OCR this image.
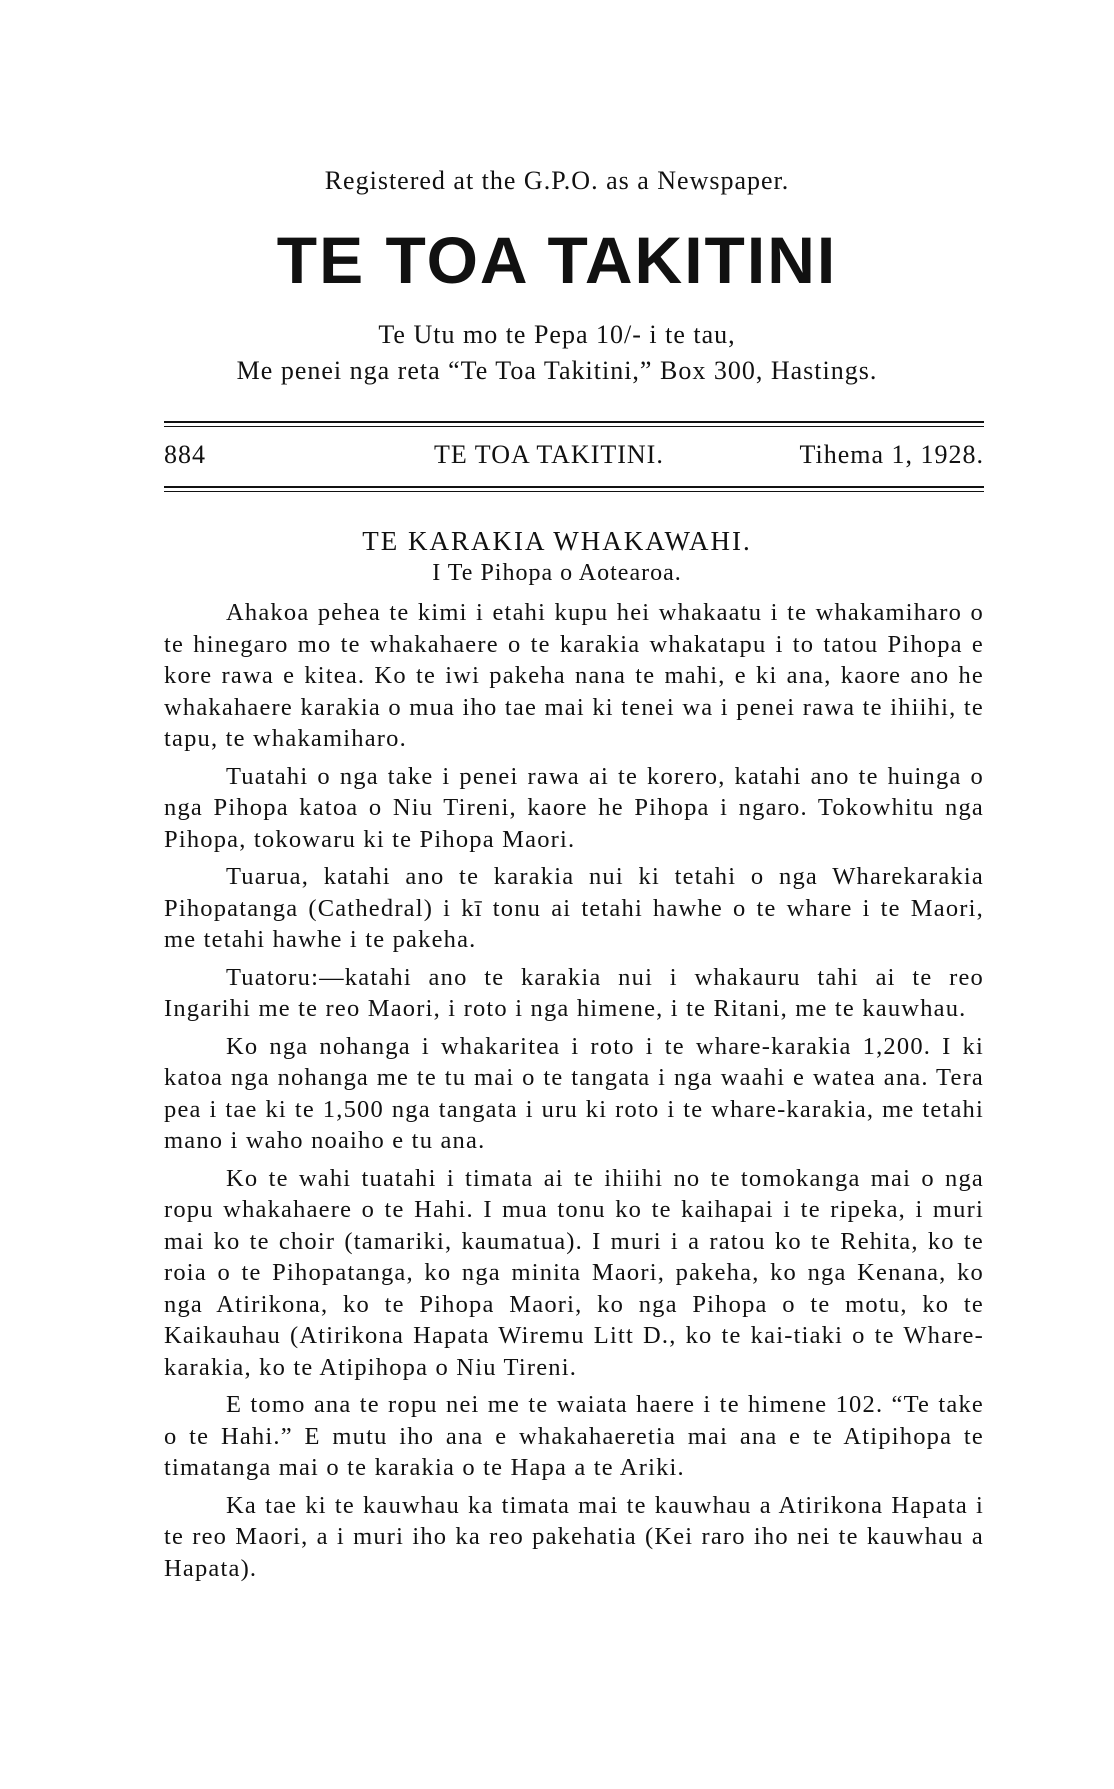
Registered at the G.P.O. as a Newspaper.
TE TOA TAKITINI
Te Utu mo te Pepa 10/- i te tau,
Me penei nga reta “Te Toa Takitini,” Box 300, Hastings.
884	TE TOA TAKITINI.	Tihema 1, 1928.
TE KARAKIA WHAKAWAHI.
I Te Pihopa o Aotearoa.

Ahakoa pehea te kimi i etahi kupu hei whakaatu i te whakamiharo o te hinegaro mo te whakahaere o te karakia whakatapu i to tatou Pihopa e kore rawa e kitea. Ko te iwi pakeha nana te mahi, e ki ana, kaore ano he whakahaere karakia o mua iho tae mai ki tenei wa i penei rawa te ihiihi, te tapu, te whakamiharo.

Tuatahi o nga take i penei rawa ai te korero, katahi ano te huinga o nga Pihopa katoa o Niu Tireni, kaore he Pihopa i ngaro. Tokowhitu nga Pihopa, tokowaru ki te Pihopa Maori.

Tuarua, katahi ano te karakia nui ki tetahi o nga Wharekarakia Pihopatanga (Cathedral) i kī tonu ai tetahi hawhe o te whare i te Maori, me tetahi hawhe i te pakeha.

Tuatoru:—katahi ano te karakia nui i whakauru tahi ai te reo Ingarihi me te reo Maori, i roto i nga himene, i te Ritani, me te kauwhau.

Ko nga nohanga i whakaritea i roto i te whare-karakia 1,200. I ki katoa nga nohanga me te tu mai o te tangata i nga waahi e watea ana. Tera pea i tae ki te 1,500 nga tangata i uru ki roto i te whare-karakia, me tetahi mano i waho noaiho e tu ana.

Ko te wahi tuatahi i timata ai te ihiihi no te tomokanga mai o nga ropu whakahaere o te Hahi. I mua tonu ko te kaihapai i te ripeka, i muri mai ko te choir (tamariki, kaumatua). I muri i a ratou ko te Rehita, ko te roia o te Pihopatanga, ko nga minita Maori, pakeha, ko nga Kenana, ko nga Atirikona, ko te Pihopa Maori, ko nga Pihopa o te motu, ko te Kaikauhau (Atirikona Hapata Wiremu Litt D., ko te kai-tiaki o te Whare-karakia, ko te Atipihopa o Niu Tireni.

E tomo ana te ropu nei me te waiata haere i te himene 102. “Te take o te Hahi.” E mutu iho ana e whakahaeretia mai ana e te Atipihopa te timatanga mai o te karakia o te Hapa a te Ariki.

Ka tae ki te kauwhau ka timata mai te kauwhau a Atirikona Hapata i te reo Maori, a i muri iho ka reo pakehatia (Kei raro iho nei te kauwhau a Hapata).
